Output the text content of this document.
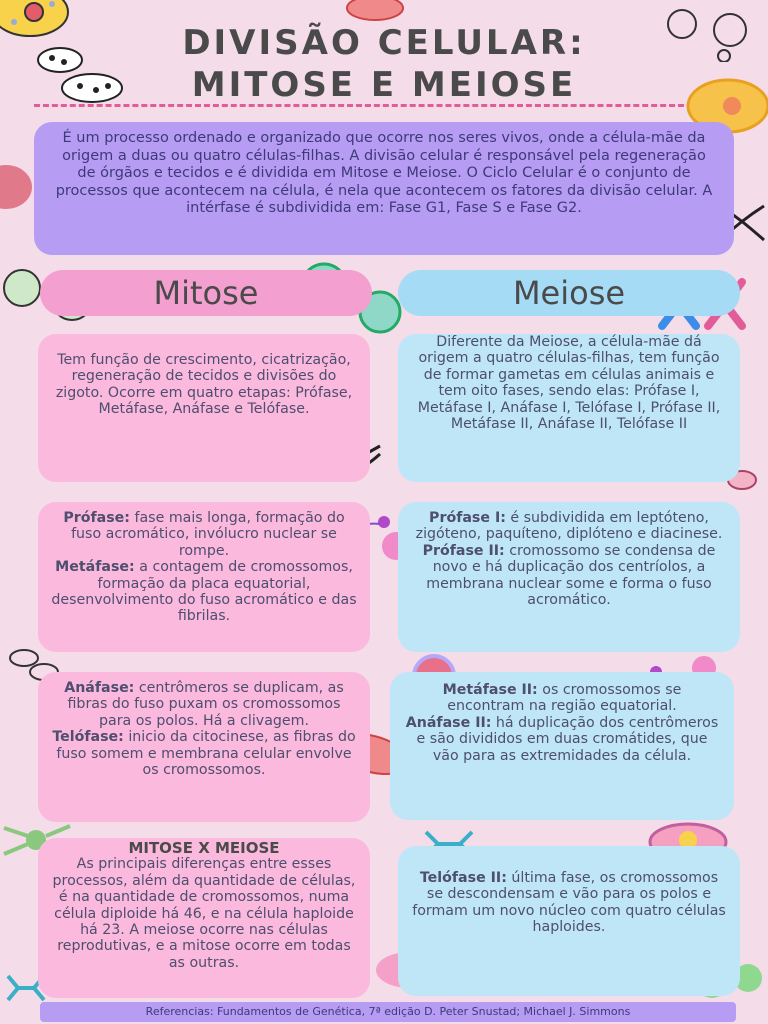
DIVISÃO CELULAR:
MITOSE E MEIOSE

É um processo ordenado e organizado que ocorre nos seres vivos, onde a célula-mãe da origem a duas ou quatro células-filhas. A divisão celular é responsável pela regeneração de órgãos e tecidos e é dividida em Mitose e Meiose. O Ciclo Celular é o conjunto de processos que acontecem na célula, é nela que acontecem os fatores da divisão celular. A intérfase é subdividida em: Fase G1, Fase S e Fase G2.

Mitose	Meiose

Tem função de crescimento, cicatrização, regeneração de tecidos e divisões do zigoto. Ocorre em quatro etapas: Prófase, Metáfase, Anáfase e Telófase.

Diferente da Meiose, a célula-mãe dá origem a quatro células-filhas, tem função de formar gametas em células animais e tem oito fases, sendo elas: Prófase I, Metáfase I, Anáfase I, Telófase I, Prófase II, Metáfase II, Anáfase II, Telófase II

Prófase: fase mais longa, formação do fuso acromático, invólucro nuclear se rompe.

Metáfase: a contagem de cromossomos, formação da placa equatorial, desenvolvimento do fuso acromático e das fibrilas.

Prófase I: é subdividida em leptóteno, zigóteno, paquíteno, diplóteno e diacinese.

Prófase II: cromossomo se condensa de novo e há duplicação dos centríolos, a membrana nuclear some e forma o fuso acromático.

Anáfase: centrômeros se duplicam, as fibras do fuso puxam os cromossomos para os polos. Há a clivagem.

Telófase: inicio da citocinese, as fibras do fuso somem e membrana celular envolve os cromossomos.

Metáfase II: os cromossomos se encontram na região equatorial.

Anáfase II: há duplicação dos centrômeros e são divididos em duas cromátides, que vão para as extremidades da célula.

MITOSE X MEIOSE

As principais diferenças entre esses processos, além da quantidade de células, é na quantidade de cromossomos, numa célula diploide há 46, e na célula haploide há 23. A meiose ocorre nas células reprodutivas, e a mitose ocorre em todas as outras.

Telófase II: última fase, os cromossomos se descondensam e vão para os polos e formam um novo núcleo com quatro células haploides.

Referencias: Fundamentos de Genética, 7ª edição D. Peter Snustad; Michael J. Simmons
